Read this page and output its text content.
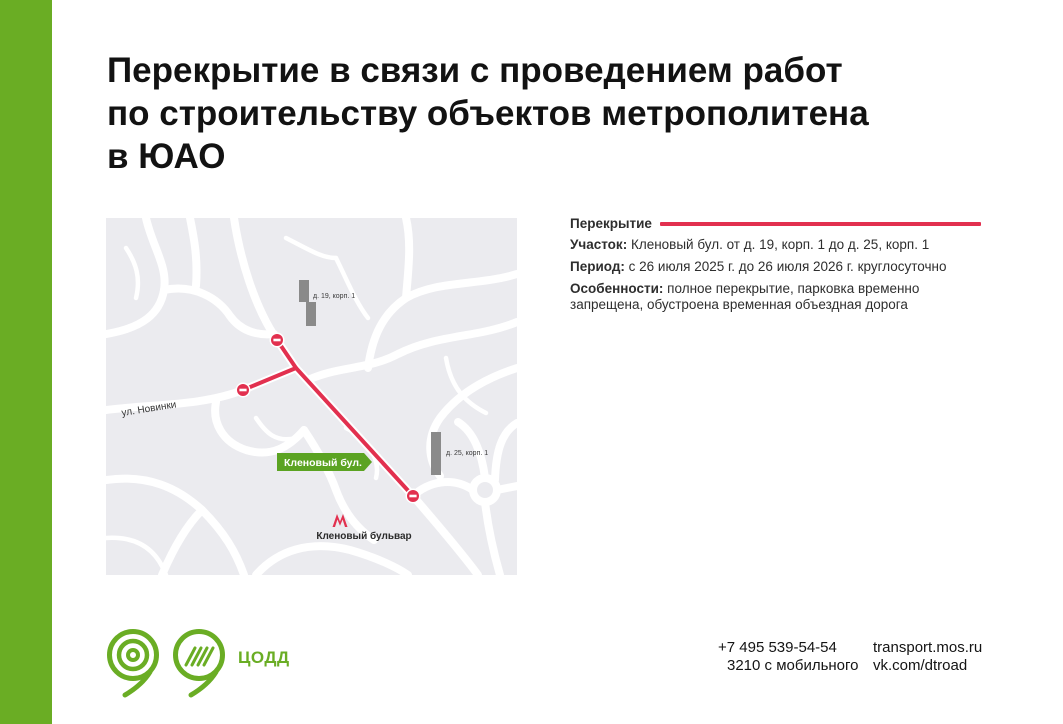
Перекрытие в связи с проведением работ
по строительству объектов метрополитена
в ЮАО
д. 19, корп. 1
д. 25, корп. 1
ул. Новинки
Кленовый бул.
Кленовый бульвар
Перекрытие

Участок: Кленовый бул. от д. 19, корп. 1 до д. 25, корп. 1

Период: с 26 июля 2025 г. до 26 июля 2026 г. круглосуточно

Особенности: полное перекрытие, парковка временно запрещена, обустроена временная объездная дорога

ЦОДД
+7 495 539-54-54
3210 с мобильного
transport.mos.ru
vk.com/dtroad
